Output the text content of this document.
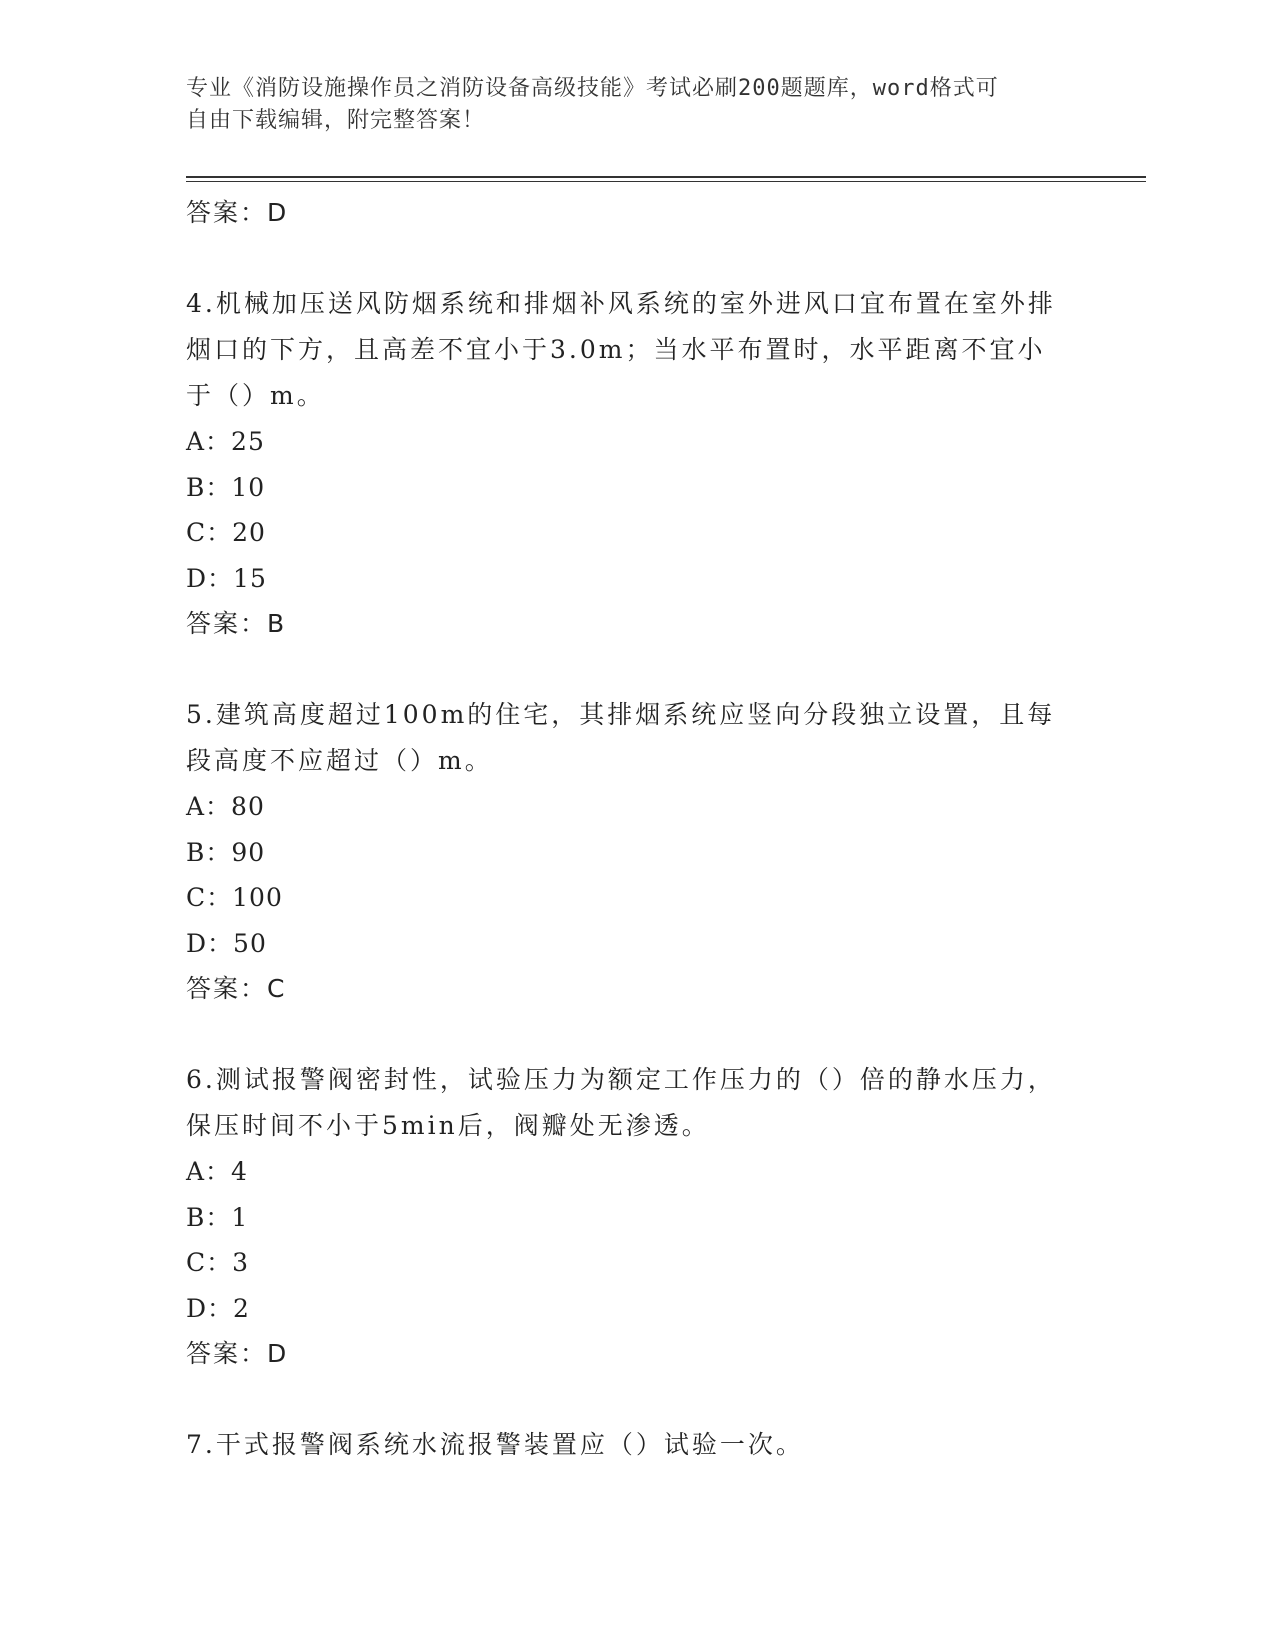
专业《消防设施操作员之消防设备高级技能》考试必刷200题题库，word格式可
自由下载编辑，附完整答案！
答案：D
4.机械加压送风防烟系统和排烟补风系统的室外进风口宜布置在室外排烟口的下方，且高差不宜小于3.0m；当水平布置时，水平距离不宜小于（）m。
A：25
B：10
C：20
D：15
答案：B
5.建筑高度超过100m的住宅，其排烟系统应竖向分段独立设置，且每段高度不应超过（）m。
A：80
B：90
C：100
D：50
答案：C
6.测试报警阀密封性，试验压力为额定工作压力的（）倍的静水压力，保压时间不小于5min后，阀瓣处无渗透。
A：4
B：1
C：3
D：2
答案：D
7.干式报警阀系统水流报警装置应（）试验一次。
